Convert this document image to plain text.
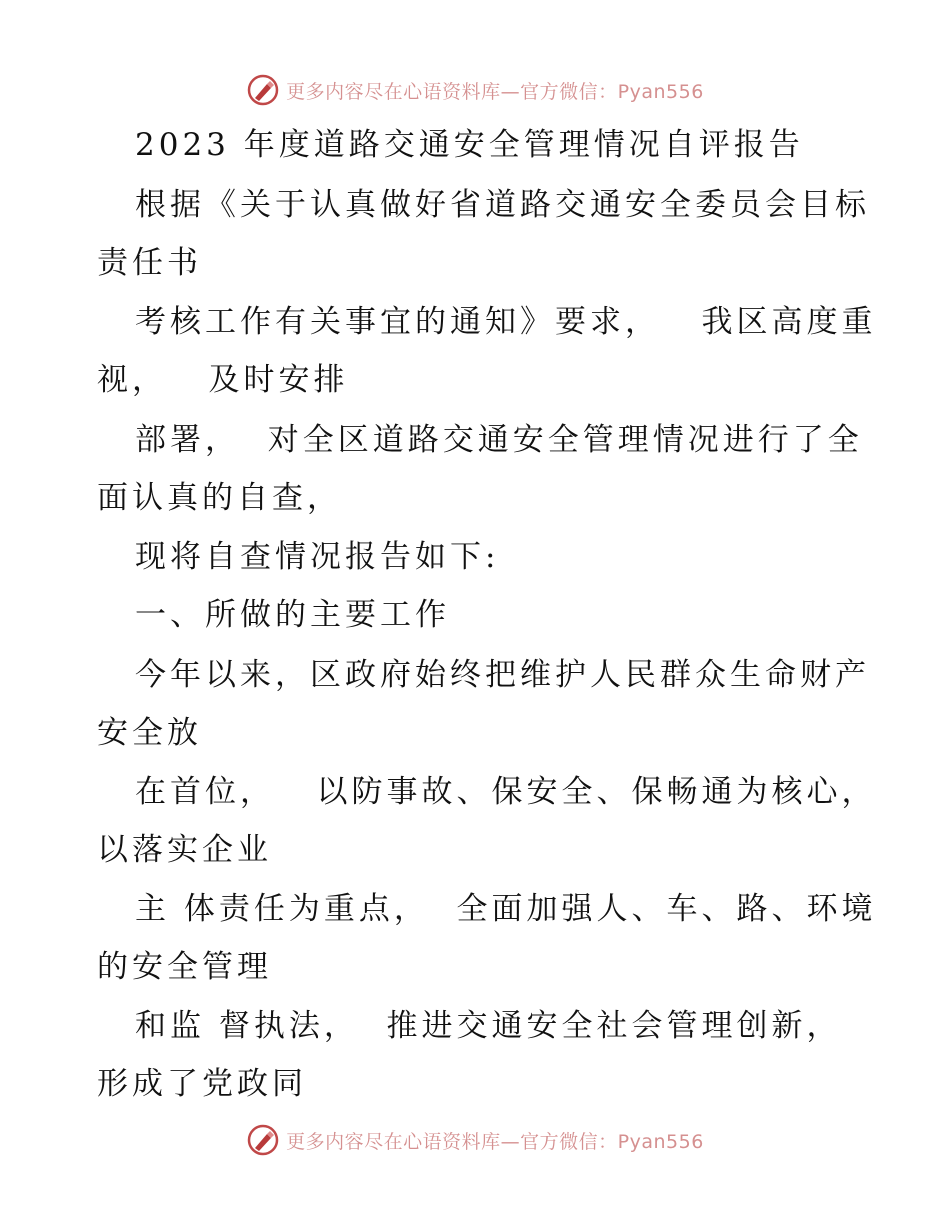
更多内容尽在心语资料库—官方微信：Pyan556

2023 年度道路交通安全管理情况自评报告

根据《关于认真做好省道路交通安全委员会目标

责任书

考核工作有关事宜的通知》要求，   我区高度重

视，   及时安排

部署，  对全区道路交通安全管理情况进行了全

面认真的自查，

现将自查情况报告如下:

一、所做的主要工作

今年以来，区政府始终把维护人民群众生命财产

安全放

在首位，   以防事故、保安全、保畅通为核心，

以落实企业

主 体责任为重点，  全面加强人、车、路、环境

的安全管理

和监 督执法，  推进交通安全社会管理创新，

形成了党政同

更多内容尽在心语资料库—官方微信：Pyan556
